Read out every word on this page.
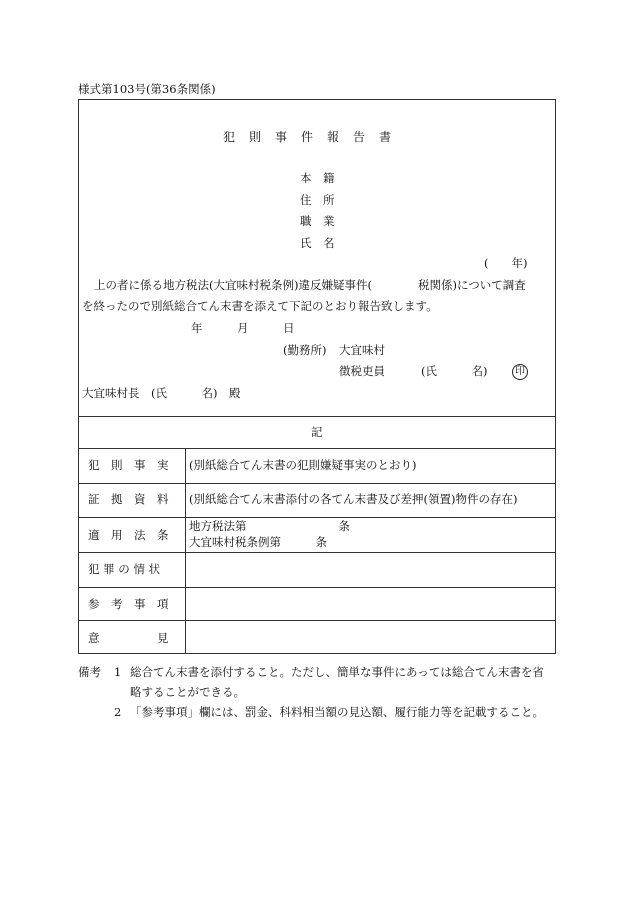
様式第103号(第36条関係)
犯　則　事　件　報　告　書
本　籍
住　所
職　業
氏　名
(　　年)
上の者に係る地方税法(大宜味村税条例)違反嫌疑事件(　　　　税関係)について調査
を終ったので別紙総合てん末書を添えて下記のとおり報告致します。
年　　　月　　　日
(勤務所) 大宜味村
徴税吏員	(氏　　　名)	印
大宜味村長　(氏　　　名)　殿
記
犯　則　事　実 (別紙総合てん末書の犯則嫌疑事実のとおり)
証　拠　資　料 (別紙総合てん末書添付の各てん末書及び差押(領置)物件の存在)
適　用　法　条
地方税法第　　　　　　　　条
大宜味村税条例第　　　条
犯 罪 の 情 状
参　考　事　項
意　　　　　見
備考 1 総合てん末書を添付すること。ただし、簡単な事件にあっては総合てん末書を省
略することができる。
2 「参考事項」欄には、罰金、科料相当額の見込額、履行能力等を記載すること。
